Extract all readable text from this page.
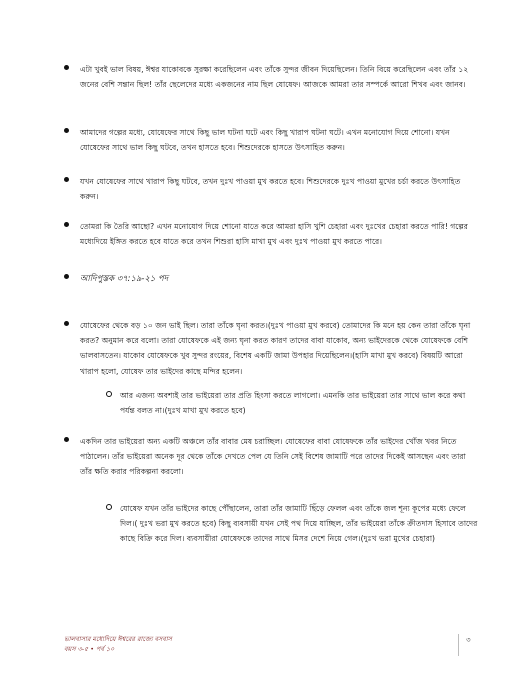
এটা খুবই ভাল বিষয়, ঈশ্বর যাকোবকে সুরক্ষা করেছিলেন এবং তাঁকে সুন্দর জীবন দিয়েছিলেন। তিনি বিয়ে করেছিলেন এবং তাঁর ১২ জনের বেশি সন্তান ছিল! তাঁর ছেলেদের মধ্যে একজনের নাম ছিল যোষেফ। আজকে আমরা তার সম্পর্কে আরো শিখব এবং জানব।

আমাদের গল্পের মধ্যে, যোষেফের সাথে কিছু ভাল ঘটনা ঘটে এবং কিছু খারাপ ঘটনা ঘটে। এখন মনোযোগ দিয়ে শোনো। যখন যোষেফের সাথে ভাল কিছু ঘটবে, তখন হাসতে হবে। শিশুদেরকে হাসতে উৎসাহিত করুন।

যখন যোষেফের সাথে খারাপ কিছু ঘটবে, তখন দুঃখ পাওয়া মুখ করতে হবে। শিশুদেরকে দুঃখ পাওয়া মুখের চর্চা করতে উৎসাহিত করুন।

তোমরা কি তৈরি আছো? এখন মনোযোগ দিয়ে শোনো যাতে করে আমরা হাসি খুশি চেহারা এবং দুঃখের চেহারা করতে পারি! গল্পের মধ্যেদিয়ে ইঙ্গিত করতে হবে যাতে করে তখন শিশুরা হাসি মাখা মুখ এবং দুঃখ পাওয়া মুখ করতে পারে।

আদিপুস্তক ৩৭:১৯-২১ পদ

যোষেফের থেকে বড় ১০ জন ভাই ছিল। তারা তাঁকে ঘৃনা করত।(দুঃখ পাওয়া মুখ করবে) তোমাদের কি মনে হয় কেন তারা তাঁকে ঘৃনা করত? অনুমান করে বলো। তারা যোষেফকে এই জন্য ঘৃনা করত কারণ তাদের বাবা যাকোব, অন্য ভাইদেরকে থেকে যোষেফকে বেশি ভালবাসতেন। যাকোব যোষেফকে খুব সুন্দর রংয়ের, বিশেষ একটি জামা উপহার দিয়েছিলেন।(হাসি মাখা মুখ করবে) বিষয়টি আরো খারাপ হলো, যোষেফ তার ভাইদের কাছে মন্দির হলেন।

আর এজন্য অবশ্যই তার ভাইয়েরা তার প্রতি হিংসা করতে লাগলো। এমনকি তার ভাইয়েরা তার সাথে ভাল করে কথা পর্যন্ত বলত না।(দুঃখ মাখা মুখ করতে হবে)

একদিন তার ভাইয়েরা অন্য একটি অঞ্চলে তাঁর বাবার মেষ চরাচ্ছিল। যোষেফের বাবা যোষেফকে তাঁর ভাইদের খোঁজ খবর নিতে পাঠালেন। তাঁর ভাইয়েরা অনেক দূর থেকে তাঁকে দেখতে পেল যে তিনি সেই বিশেষ জামাটি পরে তাদের দিকেই আসছেন এবং তারা তাঁর ক্ষতি করার পরিকল্পনা করলো।

যোষেফ যখন তাঁর ভাইদের কাছে পৌঁছালেন, তারা তাঁর জামাটি ছিঁড়ে ফেলল এবং তাঁকে জল শূন্য কূপের মধ্যে ফেলে দিল।( দুঃখ ভরা মুখ করতে হবে) কিছু ব্যবসায়ী যখন সেই পথ দিয়ে যাচ্ছিল, তাঁর ভাইয়েরা তাঁকে ক্রীতদাস হিসাবে তাদের কাছে বিক্রি করে দিল। ব্যবসায়ীরা যোষেফকে তাদের সাথে মিসর দেশে নিয়ে গেল।(দুঃখ ভরা মুখের চেহারা)

ভালবাসার মধ্যেদিয়ে ঈশ্বরের রাজ্যে বসবাস
বয়স ৩-৫ • পর্ব ১০
৩
